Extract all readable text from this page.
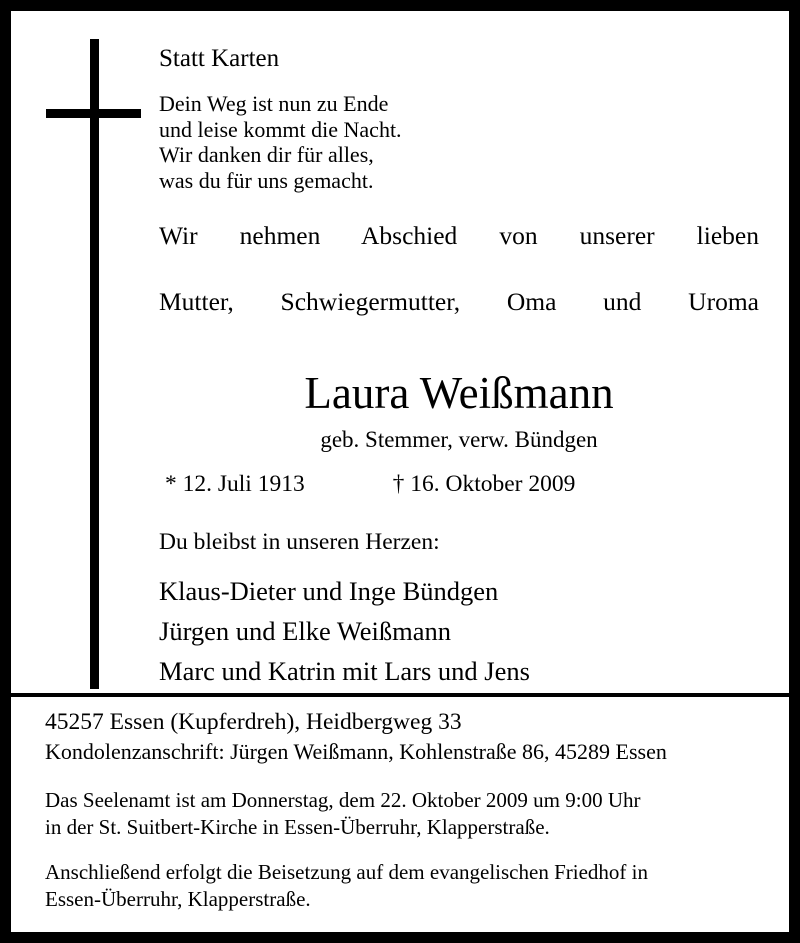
Statt Karten
Dein Weg ist nun zu Ende
und leise kommt die Nacht.
Wir danken dir für alles,
was du für uns gemacht.
Wir nehmen Abschied von unserer lieben
Mutter, Schwiegermutter, Oma und Uroma
Laura Weißmann
geb. Stemmer, verw. Bündgen
* 12. Juli 1913	† 16. Oktober 2009
Du bleibst in unseren Herzen:
Klaus-Dieter und Inge Bündgen
Jürgen und Elke Weißmann
Marc und Katrin mit Lars und Jens
45257 Essen (Kupferdreh), Heidbergweg 33
Kondolenzanschrift: Jürgen Weißmann, Kohlenstraße 86, 45289 Essen
Das Seelenamt ist am Donnerstag, dem 22. Oktober 2009 um 9:00 Uhr
in der St. Suitbert-Kirche in Essen-Überruhr, Klapperstraße.
Anschließend erfolgt die Beisetzung auf dem evangelischen Friedhof in
Essen-Überruhr, Klapperstraße.
